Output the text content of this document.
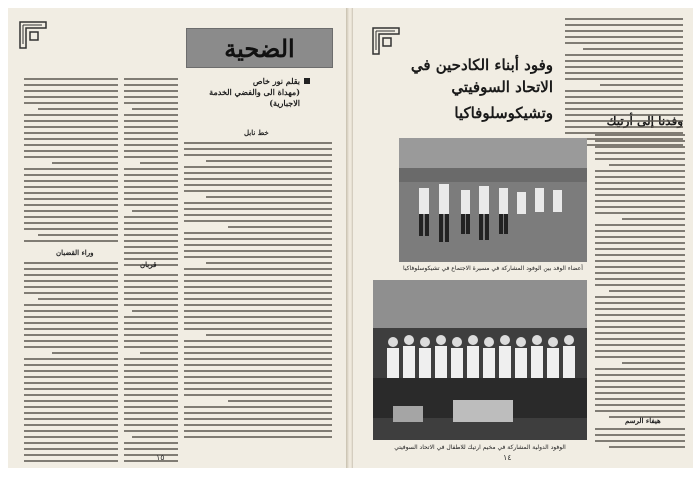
الضحية
بقلم نور خاص
(مهداة الى والفضي الخدمة الاجبارية)
خط نابل
قربان
وراء القضبان
١٥
وفود أبناء الكادحين في
الاتحاد السوفيتي
وتشيكوسلوفاكيا
أعضاء الوفد بين الوفود المشاركة في مسيرة الاجتماع في تشيكوسلوفاكيا
الوفود الدولية المشاركة في مخيم ارتيك للاطفال في الاتحاد السوفيتي
هيفاء الرسم
١٤
